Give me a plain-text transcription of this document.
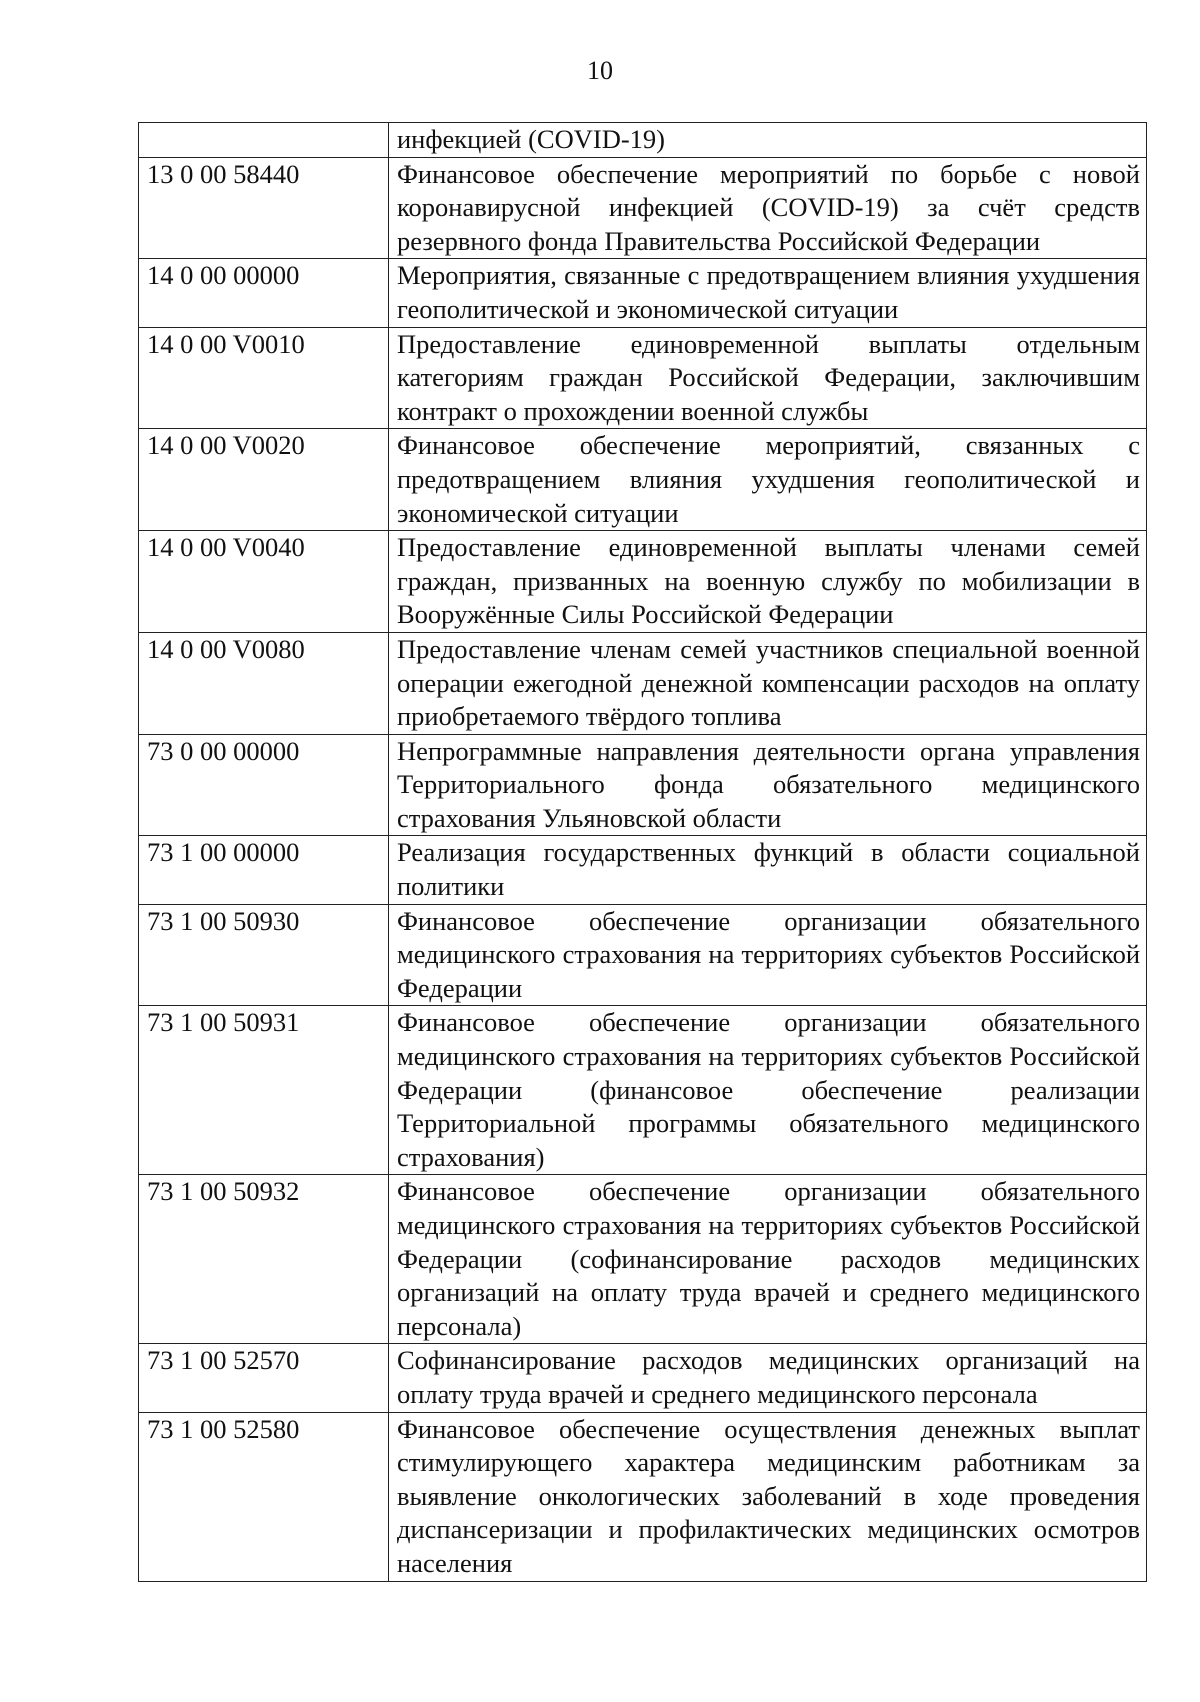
10
	инфекцией (COVID-19)
13 0 00 58440	Финансовое обеспечение мероприятий по борьбе с новой коронавирусной инфекцией (COVID-19) за счёт средств резервного фонда Правительства Российской Федерации
14 0 00 00000	Мероприятия, связанные с предотвращением влияния ухудшения геополитической и экономической ситуации
14 0 00 V0010	Предоставление единовременной выплаты отдельным категориям граждан Российской Федерации, заключившим контракт о прохождении военной службы
14 0 00 V0020	Финансовое обеспечение мероприятий, связанных с предотвращением влияния ухудшения геополитической и экономической ситуации
14 0 00 V0040	Предоставление единовременной выплаты членами семей граждан, призванных на военную службу по мобилизации в Вооружённые Силы Российской Федерации
14 0 00 V0080	Предоставление членам семей участников специальной военной операции ежегодной денежной компенсации расходов на оплату приобретаемого твёрдого топлива
73 0 00 00000	Непрограммные направления деятельности органа управления Территориального фонда обязательного медицинского страхования Ульяновской области
73 1 00 00000	Реализация государственных функций в области социальной политики
73 1 00 50930	Финансовое обеспечение организации обязательного медицинского страхования на территориях субъектов Российской Федерации
73 1 00 50931	Финансовое обеспечение организации обязательного медицинского страхования на территориях субъектов Российской Федерации (финансовое обеспечение реализации Территориальной программы обязательного медицинского страхования)
73 1 00 50932	Финансовое обеспечение организации обязательного медицинского страхования на территориях субъектов Российской Федерации (софинансирование расходов медицинских организаций на оплату труда врачей и среднего медицинского персонала)
73 1 00 52570	Софинансирование расходов медицинских организаций на оплату труда врачей и среднего медицинского персонала
73 1 00 52580	Финансовое обеспечение осуществления денежных выплат стимулирующего характера медицинским работникам за выявление онкологических заболеваний в ходе проведения диспансеризации и профилактических медицинских осмотров населения
